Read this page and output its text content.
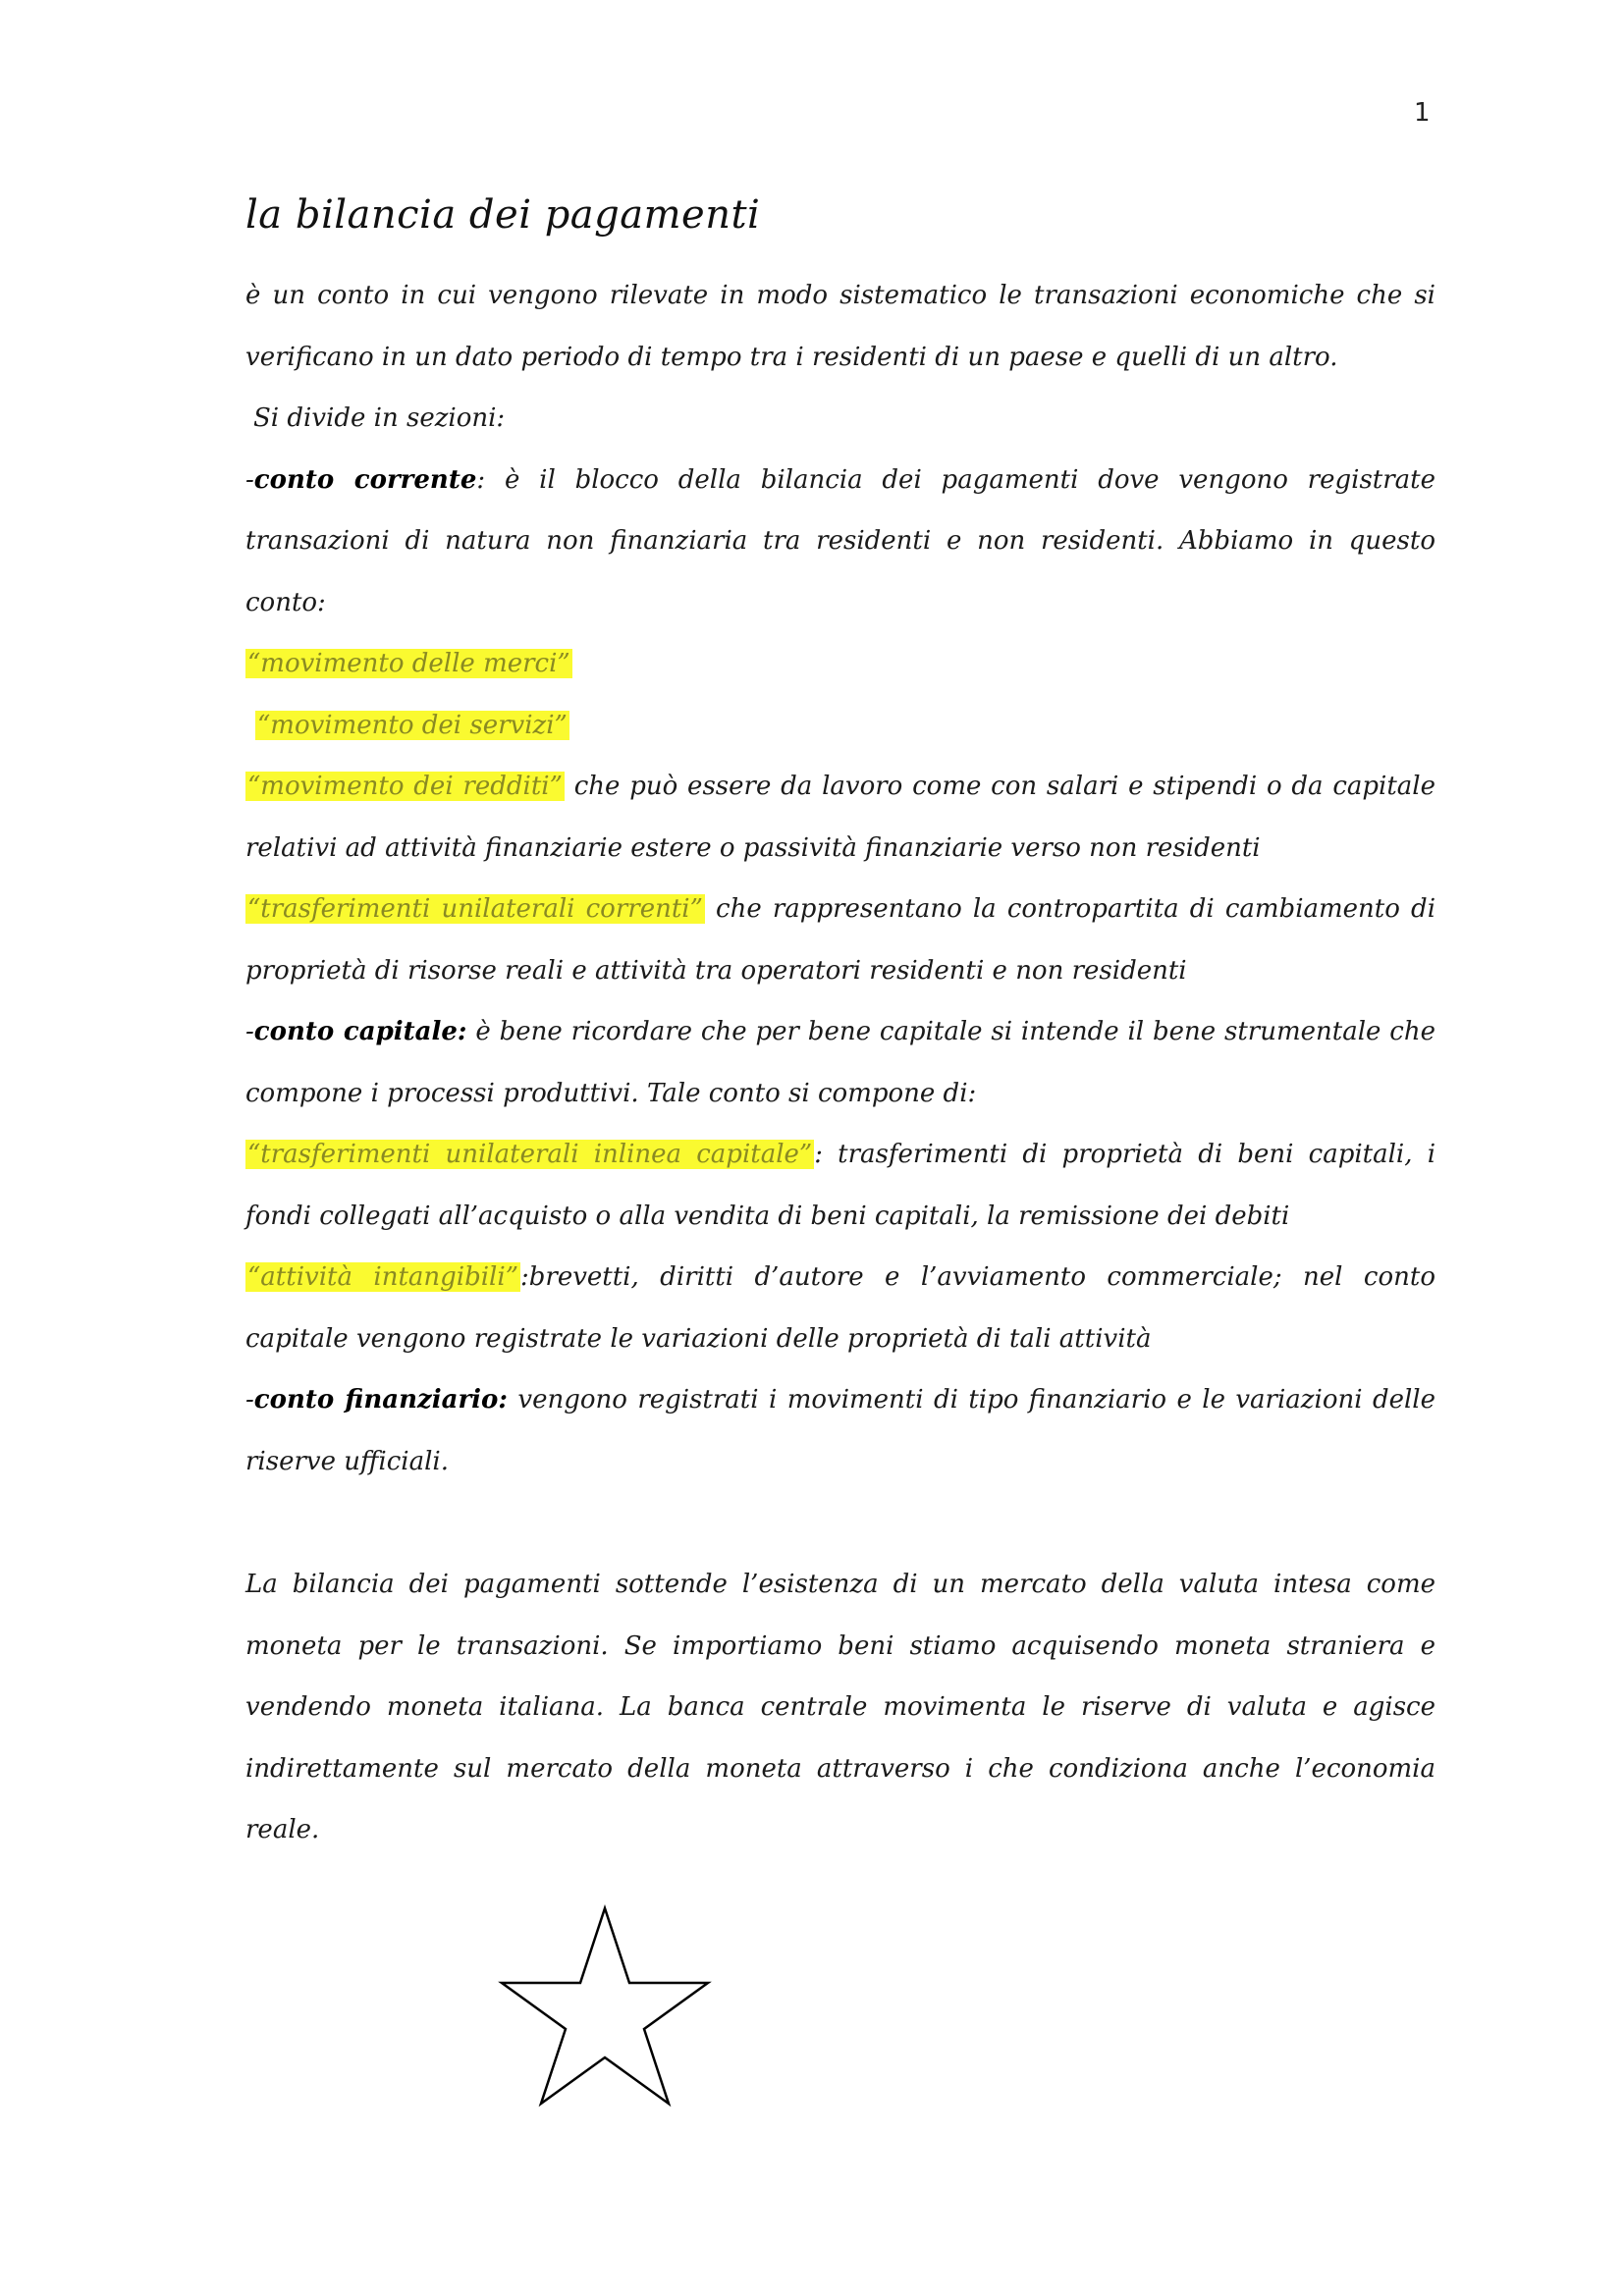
1
la bilancia dei pagamenti

è un conto in cui vengono rilevate in modo sistematico le transazioni economiche che si verificano in un dato periodo di tempo tra i residenti di un paese e quelli di un altro.

Si divide in sezioni:

-conto corrente: è il blocco della bilancia dei pagamenti dove vengono registrate transazioni di natura non finanziaria tra residenti e non residenti. Abbiamo in questo conto:

“movimento delle merci”

“movimento dei servizi”

“movimento dei redditi” che può essere da lavoro come con salari e stipendi o da capitale relativi ad attività finanziarie estere o passività finanziarie verso non residenti

“trasferimenti unilaterali correnti” che rappresentano la contropartita di cambiamento di proprietà di risorse reali e attività tra operatori residenti e non residenti

-conto capitale: è bene ricordare che per bene capitale si intende il bene strumentale che compone i processi produttivi. Tale conto si compone di:

“trasferimenti unilaterali inlinea capitale”: trasferimenti di proprietà di beni capitali, i fondi collegati all’acquisto o alla vendita di beni capitali, la remissione dei debiti

“attività intangibili”:brevetti, diritti d’autore e l’avviamento commerciale; nel conto capitale vengono registrate le variazioni delle proprietà di tali attività

-conto finanziario: vengono registrati i movimenti di tipo finanziario e le variazioni delle riserve ufficiali.

La bilancia dei pagamenti sottende l’esistenza di un mercato della valuta intesa come moneta per le transazioni. Se importiamo beni stiamo acquisendo moneta straniera e vendendo moneta italiana. La banca centrale movimenta le riserve di valuta e agisce indirettamente sul mercato della moneta attraverso i che condiziona anche l’economia reale.
